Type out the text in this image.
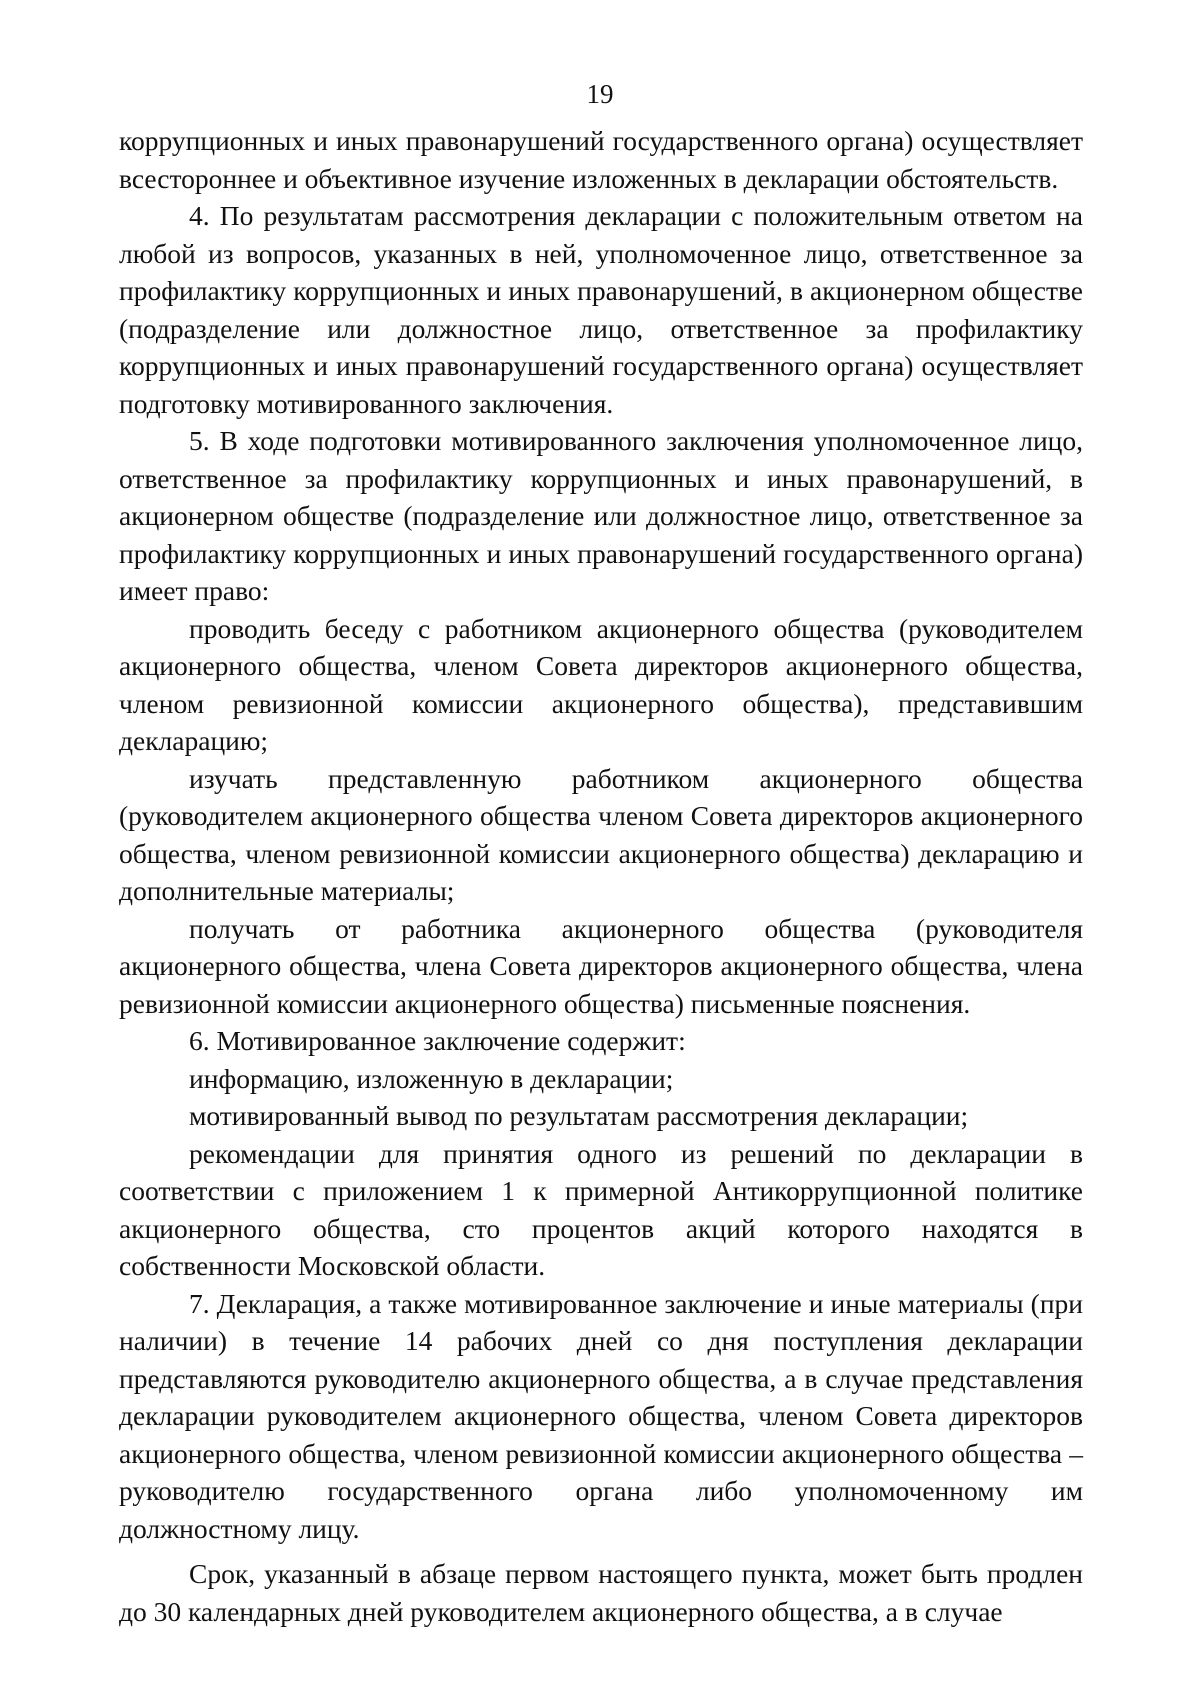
19

коррупционных и иных правонарушений государственного органа) осуществляет всестороннее и объективное изучение изложенных в декларации обстоятельств.

4. По результатам рассмотрения декларации с положительным ответом на любой из вопросов, указанных в ней, уполномоченное лицо, ответственное за профилактику коррупционных и иных правонарушений, в акционерном обществе (подразделение или должностное лицо, ответственное за профилактику коррупционных и иных правонарушений государственного органа) осуществляет подготовку мотивированного заключения.

5. В ходе подготовки мотивированного заключения уполномоченное лицо, ответственное за профилактику коррупционных и иных правонарушений, в акционерном обществе (подразделение или должностное лицо, ответственное за профилактику коррупционных и иных правонарушений государственного органа) имеет право:

проводить беседу с работником акционерного общества (руководителем акционерного общества, членом Совета директоров акционерного общества, членом ревизионной комиссии акционерного общества), представившим декларацию;

изучать представленную работником акционерного общества (руководителем акционерного общества членом Совета директоров акционерного общества, членом ревизионной комиссии акционерного общества) декларацию и дополнительные материалы;

получать от работника акционерного общества (руководителя акционерного общества, члена Совета директоров акционерного общества, члена ревизионной комиссии акционерного общества) письменные пояснения.

6. Мотивированное заключение содержит:

информацию, изложенную в декларации;

мотивированный вывод по результатам рассмотрения декларации;

рекомендации для принятия одного из решений по декларации в соответствии с приложением 1 к примерной Антикоррупционной политике акционерного общества, сто процентов акций которого находятся в собственности Московской области.

7. Декларация, а также мотивированное заключение и иные материалы (при наличии) в течение 14 рабочих дней со дня поступления декларации представляются руководителю акционерного общества, а в случае представления декларации руководителем акционерного общества, членом Совета директоров акционерного общества, членом ревизионной комиссии акционерного общества – руководителю государственного органа либо уполномоченному им должностному лицу.

Срок, указанный в абзаце первом настоящего пункта, может быть продлен до 30 календарных дней руководителем акционерного общества, а в случае
